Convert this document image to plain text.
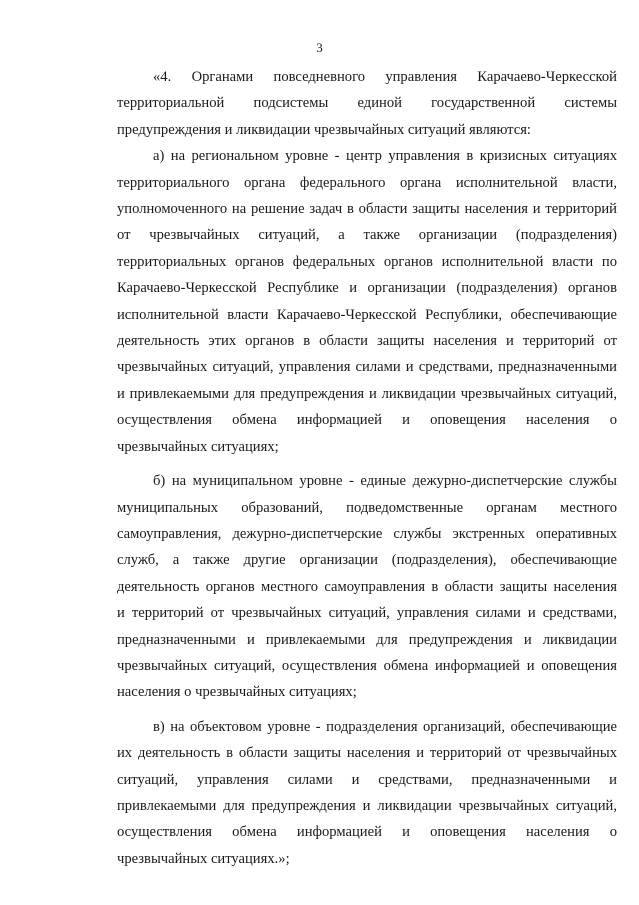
3
«4. Органами повседневного управления Карачаево-Черкесской
территориальной подсистемы единой государственной системы
предупреждения и ликвидации чрезвычайных ситуаций являются:
а) на региональном уровне - центр управления в кризисных ситуациях
территориального органа федерального органа исполнительной власти,
уполномоченного на решение задач в области защиты населения и территорий
от чрезвычайных ситуаций, а также организации (подразделения)
территориальных органов федеральных органов исполнительной власти по
Карачаево-Черкесской Республике и организации (подразделения) органов
исполнительной власти Карачаево-Черкесской Республики, обеспечивающие
деятельность этих органов в области защиты населения и территорий от
чрезвычайных ситуаций, управления силами и средствами, предназначенными
и привлекаемыми для предупреждения и ликвидации чрезвычайных ситуаций,
осуществления обмена информацией и оповещения населения о
чрезвычайных ситуациях;
б) на муниципальном уровне - единые дежурно-диспетчерские службы
муниципальных образований, подведомственные органам местного
самоуправления, дежурно-диспетчерские службы экстренных оперативных
служб, а также другие организации (подразделения), обеспечивающие
деятельность органов местного самоуправления в области защиты населения
и территорий от чрезвычайных ситуаций, управления силами и средствами,
предназначенными и привлекаемыми для предупреждения и ликвидации
чрезвычайных ситуаций, осуществления обмена информацией и оповещения
населения о чрезвычайных ситуациях;
в) на объектовом уровне - подразделения организаций, обеспечивающие
их деятельность в области защиты населения и территорий от чрезвычайных
ситуаций, управления силами и средствами, предназначенными и
привлекаемыми для предупреждения и ликвидации чрезвычайных ситуаций,
осуществления обмена информацией и оповещения населения о
чрезвычайных ситуациях.»;
